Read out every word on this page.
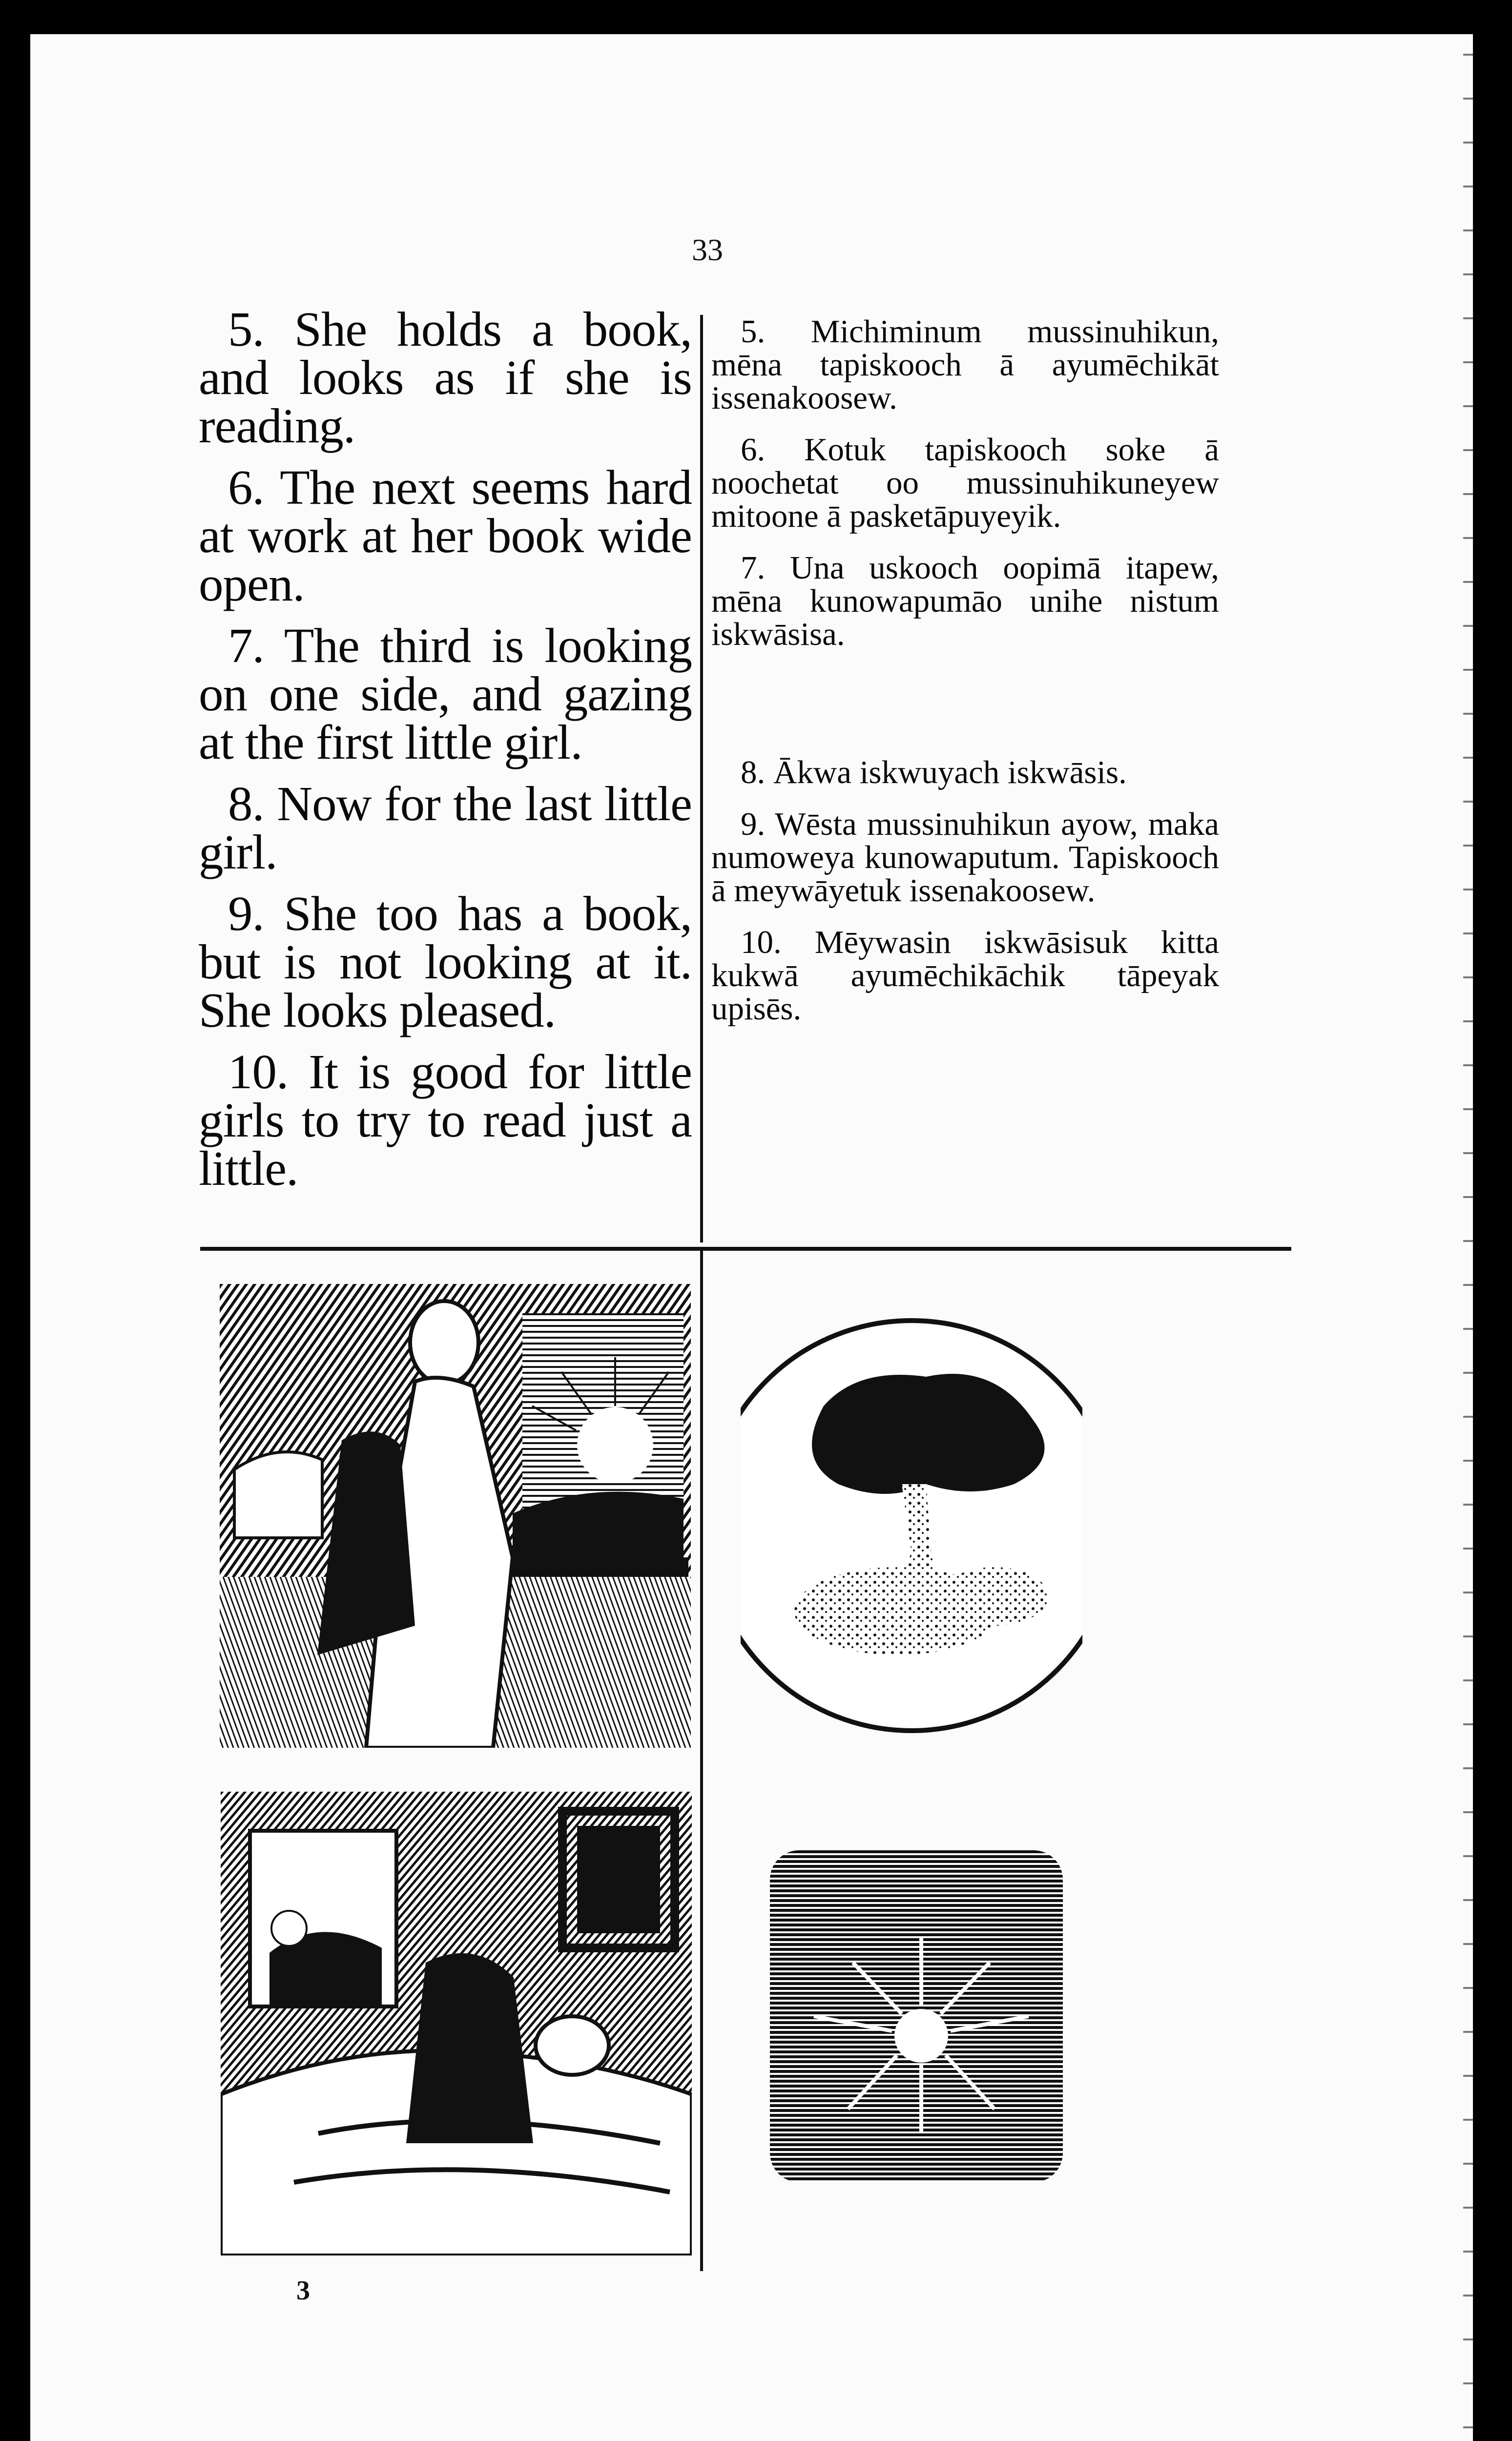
33

5. She holds a book, and looks as if she is reading.

6. The next seems hard at work at her book wide open.

7. The third is looking on one side, and gazing at the first little girl.

8. Now for the last little girl.

9. She too has a book, but is not looking at it. She looks pleased.

10. It is good for little girls to try to read just a little.

5. Michiminum mussinuhikun, mēna tapiskooch ā ayumēchikāt issenakoosew.

6. Kotuk tapiskooch soke ā noochetat oo mussinuhikuneyew mitoone ā pasketāpuyeyik.

7. Una uskooch oopimā itapew, mēna kunowapumāo unihe nistum iskwāsisa.

8. Ākwa iskwuyach iskwāsis.

9. Wēsta mussinuhikun ayow, maka numoweya kunowaputum. Tapiskooch ā meywāyetuk issenakoosew.

10. Mēywasin iskwāsisuk kitta kukwā ayumēchikāchik tāpeyak upisēs.

3
